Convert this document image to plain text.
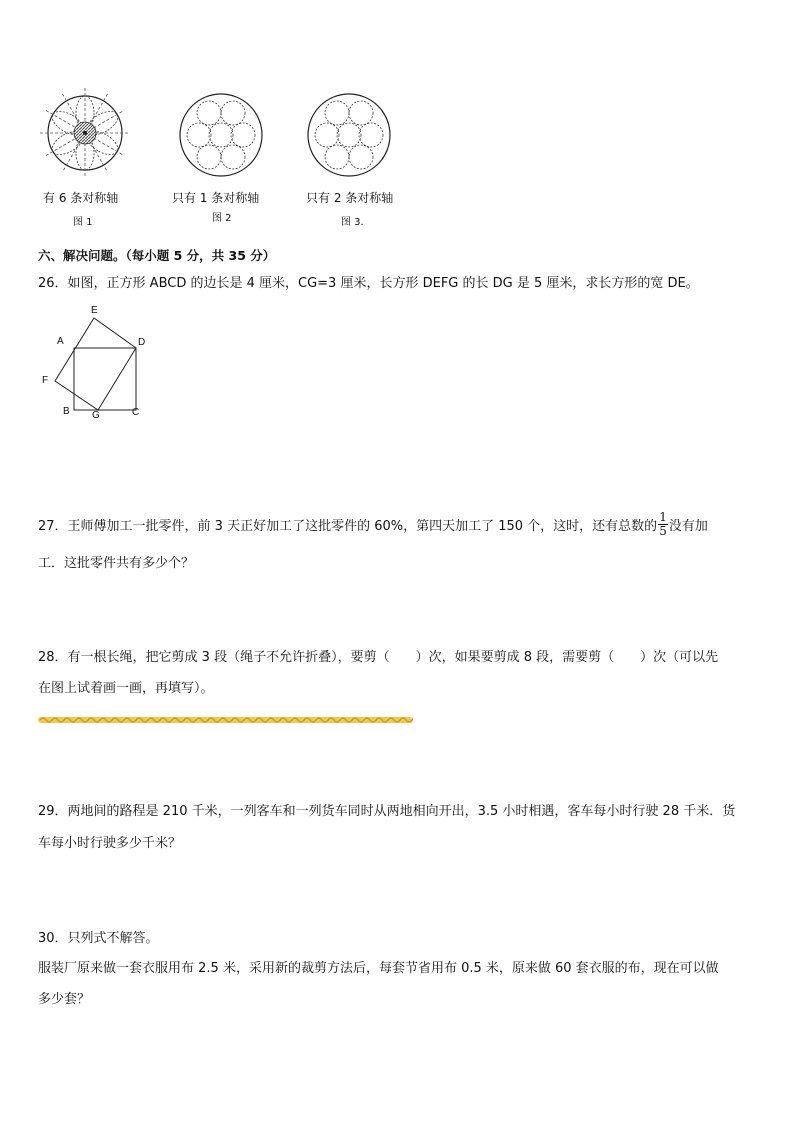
有 6 条对称轴
图 1
只有 1 条对称轴
图 2
只有 2 条对称轴
图 3.
六、解决问题。（每小题 5 分，共 35 分）
26．如图，正方形 ABCD 的边长是 4 厘米，CG=3 厘米，长方形 DEFG 的长 DG 是 5 厘米，求长方形的宽 DE。
E
A	D
F
B G	C
27．王师傅加工一批零件，前 3 天正好加工了这批零件的 60%，第四天加工了 150 个，这时，还有总数的 $\frac{1}{5}$ 没有加
工．这批零件共有多少个？
28．有一根长绳，把它剪成 3 段（绳子不允许折叠），要剪（　　）次，如果要剪成 8 段，需要剪（　　）次（可以先
在图上试着画一画，再填写）。
29．两地间的路程是 210 千米，一列客车和一列货车同时从两地相向开出，3.5 小时相遇，客车每小时行驶 28 千米．货
车每小时行驶多少千米？
30．只列式不解答。
服装厂原来做一套衣服用布 2.5 米，采用新的裁剪方法后，每套节省用布 0.5 米，原来做 60 套衣服的布，现在可以做
多少套？
